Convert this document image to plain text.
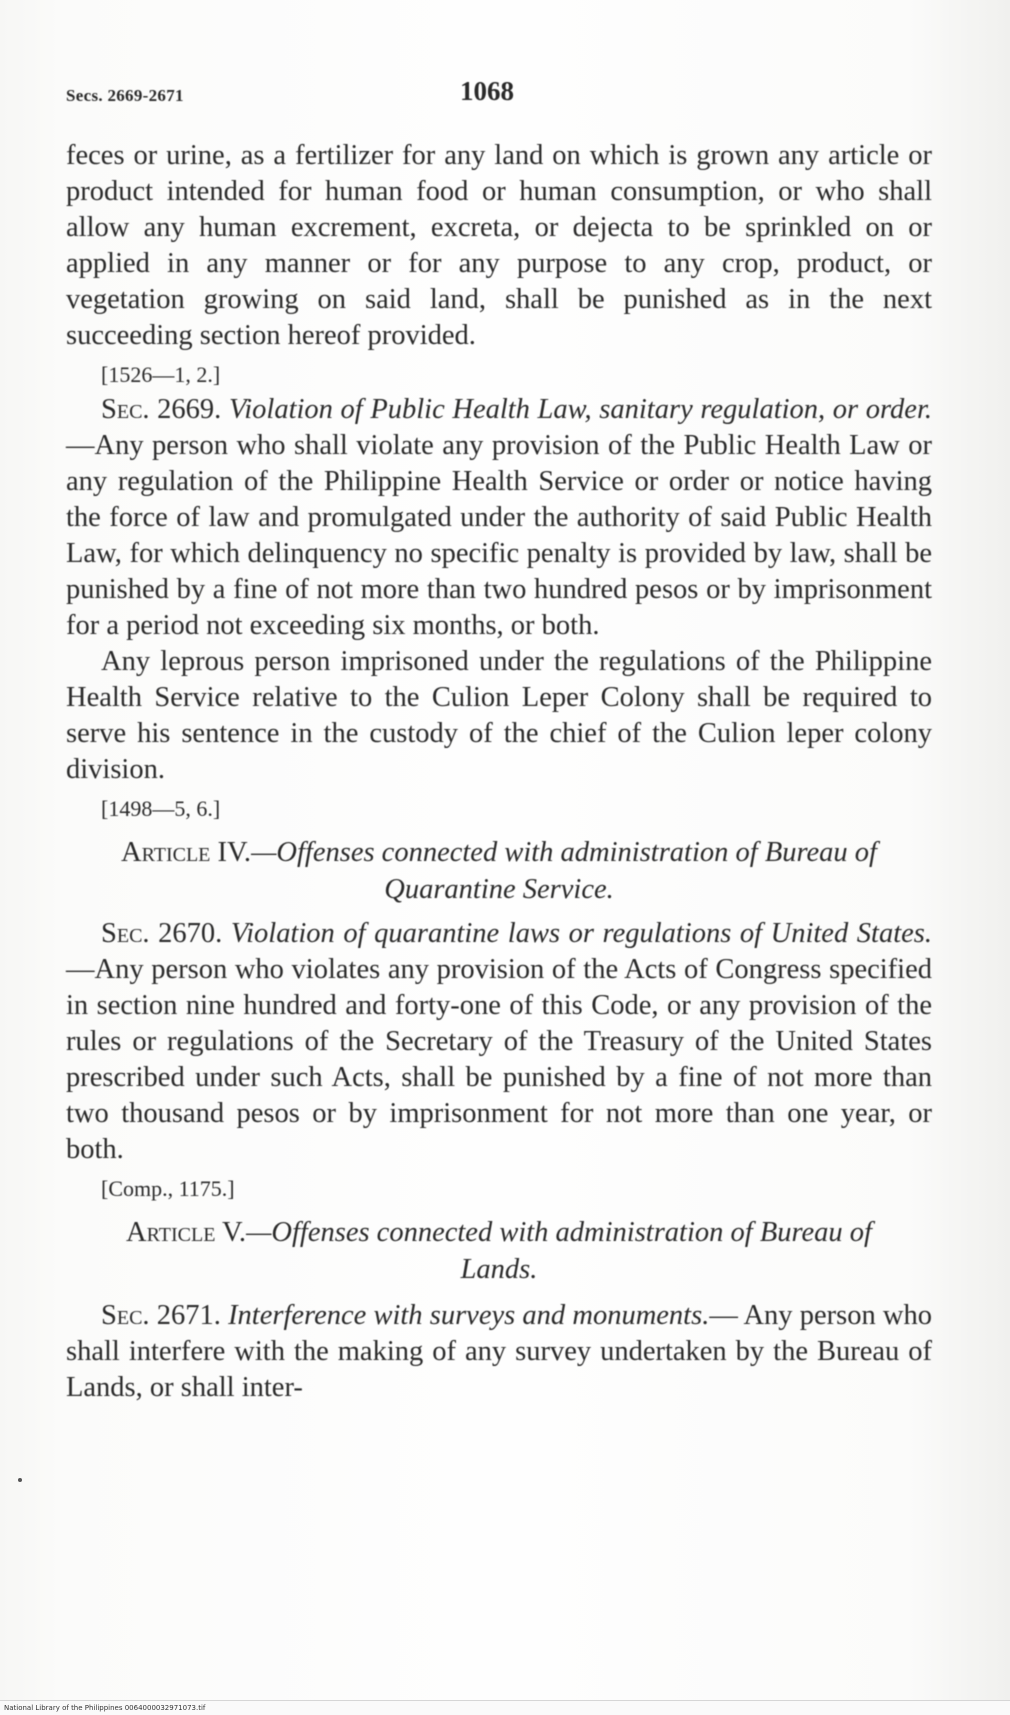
Secs. 2669-2671	1068

feces or urine, as a fertilizer for any land on which is grown any article or product intended for human food or human consumption, or who shall allow any human excrement, excreta, or dejecta to be sprinkled on or applied in any manner or for any purpose to any crop, product, or vegetation growing on said land, shall be punished as in the next succeeding section hereof provided.

[1526—1, 2.]

Sec. 2669. Violation of Public Health Law, sanitary regulation, or order.—Any person who shall violate any provision of the Public Health Law or any regulation of the Philippine Health Service or order or notice having the force of law and promulgated under the authority of said Public Health Law, for which delinquency no specific penalty is provided by law, shall be punished by a fine of not more than two hundred pesos or by imprisonment for a period not exceeding six months, or both.

Any leprous person imprisoned under the regulations of the Philippine Health Service relative to the Culion Leper Colony shall be required to serve his sentence in the custody of the chief of the Culion leper colony division.

[1498—5, 6.]

Article IV.—Offenses connected with administration of Bureau of Quarantine Service.

Sec. 2670. Violation of quarantine laws or regulations of United States.—Any person who violates any provision of the Acts of Congress specified in section nine hundred and forty-one of this Code, or any provision of the rules or regulations of the Secretary of the Treasury of the United States prescribed under such Acts, shall be punished by a fine of not more than two thousand pesos or by imprisonment for not more than one year, or both.

[Comp., 1175.]

Article V.—Offenses connected with administration of Bureau of Lands.

Sec. 2671. Interference with surveys and monuments.— Any person who shall interfere with the making of any survey undertaken by the Bureau of Lands, or shall inter-

National Library of the Philippines 0064000032971073.tif
